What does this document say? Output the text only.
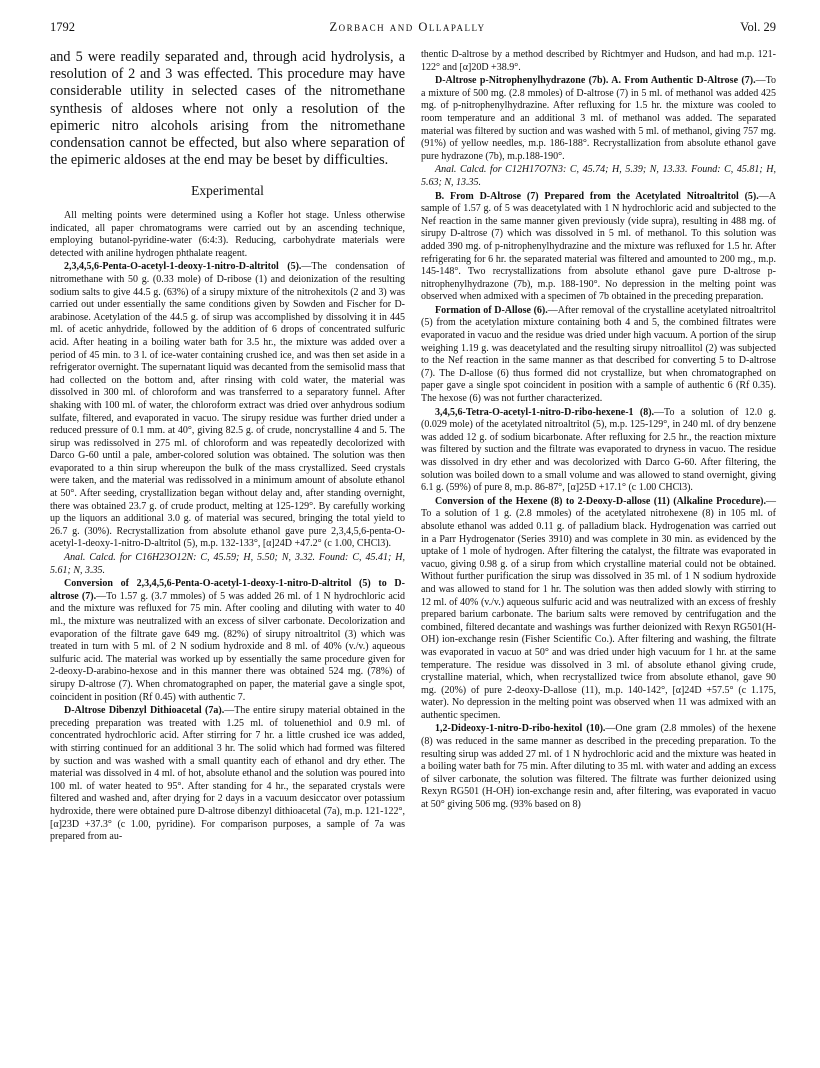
1792	Zorbach and Ollapally	Vol. 29

and 5 were readily separated and, through acid hydrolysis, a resolution of 2 and 3 was effected. This procedure may have considerable utility in selected cases of the nitromethane synthesis of aldoses where not only a resolution of the epimeric nitro alcohols arising from the nitromethane condensation cannot be effected, but also where separation of the epimeric aldoses at the end may be beset by difficulties.

Experimental

All melting points were determined using a Kofler hot stage. Unless otherwise indicated, all paper chromatograms were carried out by an ascending technique, employing butanol-pyridine-water (6:4:3). Reducing, carbohydrate materials were detected with aniline hydrogen phthalate reagent.

2,3,4,5,6-Penta-O-acetyl-1-deoxy-1-nitro-D-altritol (5).—The condensation of nitromethane with 50 g. (0.33 mole) of D-ribose (1) and deionization of the resulting sodium salts to give 44.5 g. (63%) of a sirupy mixture of the nitrohexitols (2 and 3) was carried out under essentially the same conditions given by Sowden and Fischer for D-arabinose. Acetylation of the 44.5 g. of sirup was accomplished by dissolving it in 445 ml. of acetic anhydride, followed by the addition of 6 drops of concentrated sulfuric acid. After heating in a boiling water bath for 3.5 hr., the mixture was added over a period of 45 min. to 3 l. of ice-water containing crushed ice, and was then set aside in a refrigerator overnight. The supernatant liquid was decanted from the semisolid mass that had collected on the bottom and, after rinsing with cold water, the material was dissolved in 300 ml. of chloroform and was transferred to a separatory funnel. After shaking with 100 ml. of water, the chloroform extract was dried over anhydrous sodium sulfate, filtered, and evaporated in vacuo. The sirupy residue was further dried under a reduced pressure of 0.1 mm. at 40°, giving 82.5 g. of crude, noncrystalline 4 and 5. The sirup was redissolved in 275 ml. of chloroform and was repeatedly decolorized with Darco G-60 until a pale, amber-colored solution was obtained. The solution was then evaporated to a thin sirup whereupon the bulk of the mass crystallized. Seed crystals were taken, and the material was redissolved in a minimum amount of absolute ethanol at 50°. After seeding, crystallization began without delay and, after standing overnight, there was obtained 23.7 g. of crude product, melting at 125-129°. By carefully working up the liquors an additional 3.0 g. of material was secured, bringing the total yield to 26.7 g. (30%). Recrystallization from absolute ethanol gave pure 2,3,4,5,6-penta-O-acetyl-1-deoxy-1-nitro-D-altritol (5), m.p. 132-133°, [α]24D +47.2° (c 1.00, CHCl3).

Anal. Calcd. for C16H23O12N: C, 45.59; H, 5.50; N, 3.32. Found: C, 45.41; H, 5.61; N, 3.35.

Conversion of 2,3,4,5,6-Penta-O-acetyl-1-deoxy-1-nitro-D-altritol (5) to D-altrose (7).—To 1.57 g. (3.7 mmoles) of 5 was added 26 ml. of 1 N hydrochloric acid and the mixture was refluxed for 75 min. After cooling and diluting with water to 40 ml., the mixture was neutralized with an excess of silver carbonate. Decolorization and evaporation of the filtrate gave 649 mg. (82%) of sirupy nitroaltritol (3) which was treated in turn with 5 ml. of 2 N sodium hydroxide and 8 ml. of 40% (v./v.) aqueous sulfuric acid. The material was worked up by essentially the same procedure given for 2-deoxy-D-arabino-hexose and in this manner there was obtained 524 mg. (78%) of sirupy D-altrose (7). When chromatographed on paper, the material gave a single spot, coincident in position (Rf 0.45) with authentic 7.

D-Altrose Dibenzyl Dithioacetal (7a).—The entire sirupy material obtained in the preceding preparation was treated with 1.25 ml. of toluenethiol and 0.9 ml. of concentrated hydrochloric acid. After stirring for 7 hr. a little crushed ice was added, with stirring continued for an additional 3 hr. The solid which had formed was filtered by suction and was washed with a small quantity each of ethanol and dry ether. The material was dissolved in 4 ml. of hot, absolute ethanol and the solution was poured into 100 ml. of water heated to 95°. After standing for 4 hr., the separated crystals were filtered and washed and, after drying for 2 days in a vacuum desiccator over potassium hydroxide, there were obtained pure D-altrose dibenzyl dithioacetal (7a), m.p. 121-122°, [α]23D +37.3° (c 1.00, pyridine). For comparison purposes, a sample of 7a was prepared from au-

thentic D-altrose by a method described by Richtmyer and Hudson, and had m.p. 121-122° and [α]20D +38.9°.

D-Altrose p-Nitrophenylhydrazone (7b). A. From Authentic D-Altrose (7).—To a mixture of 500 mg. (2.8 mmoles) of D-altrose (7) in 5 ml. of methanol was added 425 mg. of p-nitrophenylhydrazine. After refluxing for 1.5 hr. the mixture was cooled to room temperature and an additional 3 ml. of methanol was added. The separated material was filtered by suction and was washed with 5 ml. of methanol, giving 757 mg. (91%) of yellow needles, m.p. 186-188°. Recrystallization from absolute ethanol gave pure hydrazone (7b), m.p.188-190°.

Anal. Calcd. for C12H17O7N3: C, 45.74; H, 5.39; N, 13.33. Found: C, 45.81; H, 5.63; N, 13.35.

B. From D-Altrose (7) Prepared from the Acetylated Nitroaltritol (5).—A sample of 1.57 g. of 5 was deacetylated with 1 N hydrochloric acid and subjected to the Nef reaction in the same manner given previously (vide supra), resulting in 488 mg. of sirupy D-altrose (7) which was dissolved in 5 ml. of methanol. To this solution was added 390 mg. of p-nitrophenylhydrazine and the mixture was refluxed for 1.5 hr. After refrigerating for 6 hr. the separated material was filtered and amounted to 200 mg., m.p. 145-148°. Two recrystallizations from absolute ethanol gave pure D-altrose p-nitrophenylhydrazone (7b), m.p. 188-190°. No depression in the melting point was observed when admixed with a specimen of 7b obtained in the preceding preparation.

Formation of D-Allose (6).—After removal of the crystalline acetylated nitroaltritol (5) from the acetylation mixture containing both 4 and 5, the combined filtrates were evaporated in vacuo and the residue was dried under high vacuum. A portion of the sirup weighing 1.19 g. was deacetylated and the resulting sirupy nitroallitol (2) was subjected to the Nef reaction in the same manner as that described for converting 5 to D-altrose (7). The D-allose (6) thus formed did not crystallize, but when chromatographed on paper gave a single spot coincident in position with a sample of authentic 6 (Rf 0.35). The hexose (6) was not further characterized.

3,4,5,6-Tetra-O-acetyl-1-nitro-D-ribo-hexene-1 (8).—To a solution of 12.0 g. (0.029 mole) of the acetylated nitroaltritol (5), m.p. 125-129°, in 240 ml. of dry benzene was added 12 g. of sodium bicarbonate. After refluxing for 2.5 hr., the reaction mixture was filtered by suction and the filtrate was evaporated to dryness in vacuo. The residue was dissolved in dry ether and was decolorized with Darco G-60. After filtering, the solution was boiled down to a small volume and was allowed to stand overnight, giving 6.1 g. (59%) of pure 8, m.p. 86-87°, [α]25D +17.1° (c 1.00 CHCl3).

Conversion of the Hexene (8) to 2-Deoxy-D-allose (11) (Alkaline Procedure).—To a solution of 1 g. (2.8 mmoles) of the acetylated nitrohexene (8) in 105 ml. of absolute ethanol was added 0.11 g. of palladium black. Hydrogenation was carried out in a Parr Hydrogenator (Series 3910) and was complete in 30 min. as evidenced by the uptake of 1 mole of hydrogen. After filtering the catalyst, the filtrate was evaporated in vacuo, giving 0.98 g. of a sirup from which crystalline material could not be obtained. Without further purification the sirup was dissolved in 35 ml. of 1 N sodium hydroxide and was allowed to stand for 1 hr. The solution was then added slowly with stirring to 12 ml. of 40% (v./v.) aqueous sulfuric acid and was neutralized with an excess of freshly prepared barium carbonate. The barium salts were removed by centrifugation and the combined, filtered decantate and washings was further deionized with Rexyn RG501(H-OH) ion-exchange resin (Fisher Scientific Co.). After filtering and washing, the filtrate was evaporated in vacuo at 50° and was dried under high vacuum for 1 hr. at the same temperature. The residue was dissolved in 3 ml. of absolute ethanol giving crude, crystalline material, which, when recrystallized twice from absolute ethanol, gave 90 mg. (20%) of pure 2-deoxy-D-allose (11), m.p. 140-142°, [α]24D +57.5° (c 1.175, water). No depression in the melting point was observed when 11 was admixed with an authentic specimen.

1,2-Dideoxy-1-nitro-D-ribo-hexitol (10).—One gram (2.8 mmoles) of the hexene (8) was reduced in the same manner as described in the preceding preparation. To the resulting sirup was added 27 ml. of 1 N hydrochloric acid and the mixture was heated in a boiling water bath for 75 min. After diluting to 35 ml. with water and adding an excess of silver carbonate, the solution was filtered. The filtrate was further deionized using Rexyn RG501 (H-OH) ion-exchange resin and, after filtering, was evaporated in vacuo at 50° giving 506 mg. (93% based on 8)
